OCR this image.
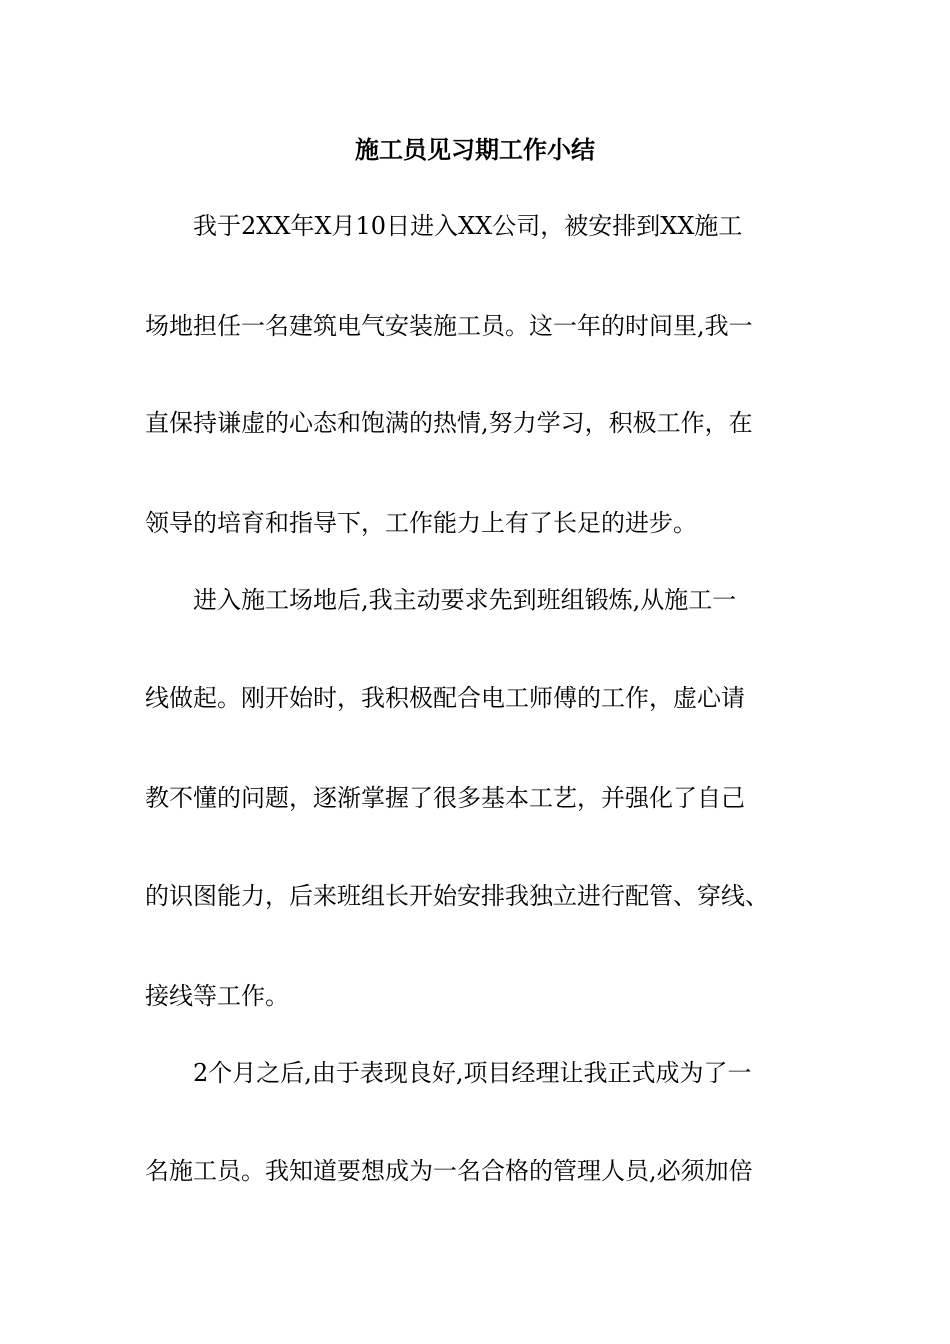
施工员见习期工作小结
我于2XX年X月10日进入XX公司，被安排到XX施工
场地担任一名建筑电气安装施工员。这一年的时间里,我一
直保持谦虚的心态和饱满的热情,努力学习，积极工作，在
领导的培育和指导下，工作能力上有了长足的进步。
进入施工场地后,我主动要求先到班组锻炼,从施工一
线做起。刚开始时，我积极配合电工师傅的工作，虚心请
教不懂的问题，逐渐掌握了很多基本工艺，并强化了自己
的识图能力，后来班组长开始安排我独立进行配管、穿线、
接线等工作。
2个月之后,由于表现良好,项目经理让我正式成为了一
名施工员。我知道要想成为一名合格的管理人员,必须加倍
